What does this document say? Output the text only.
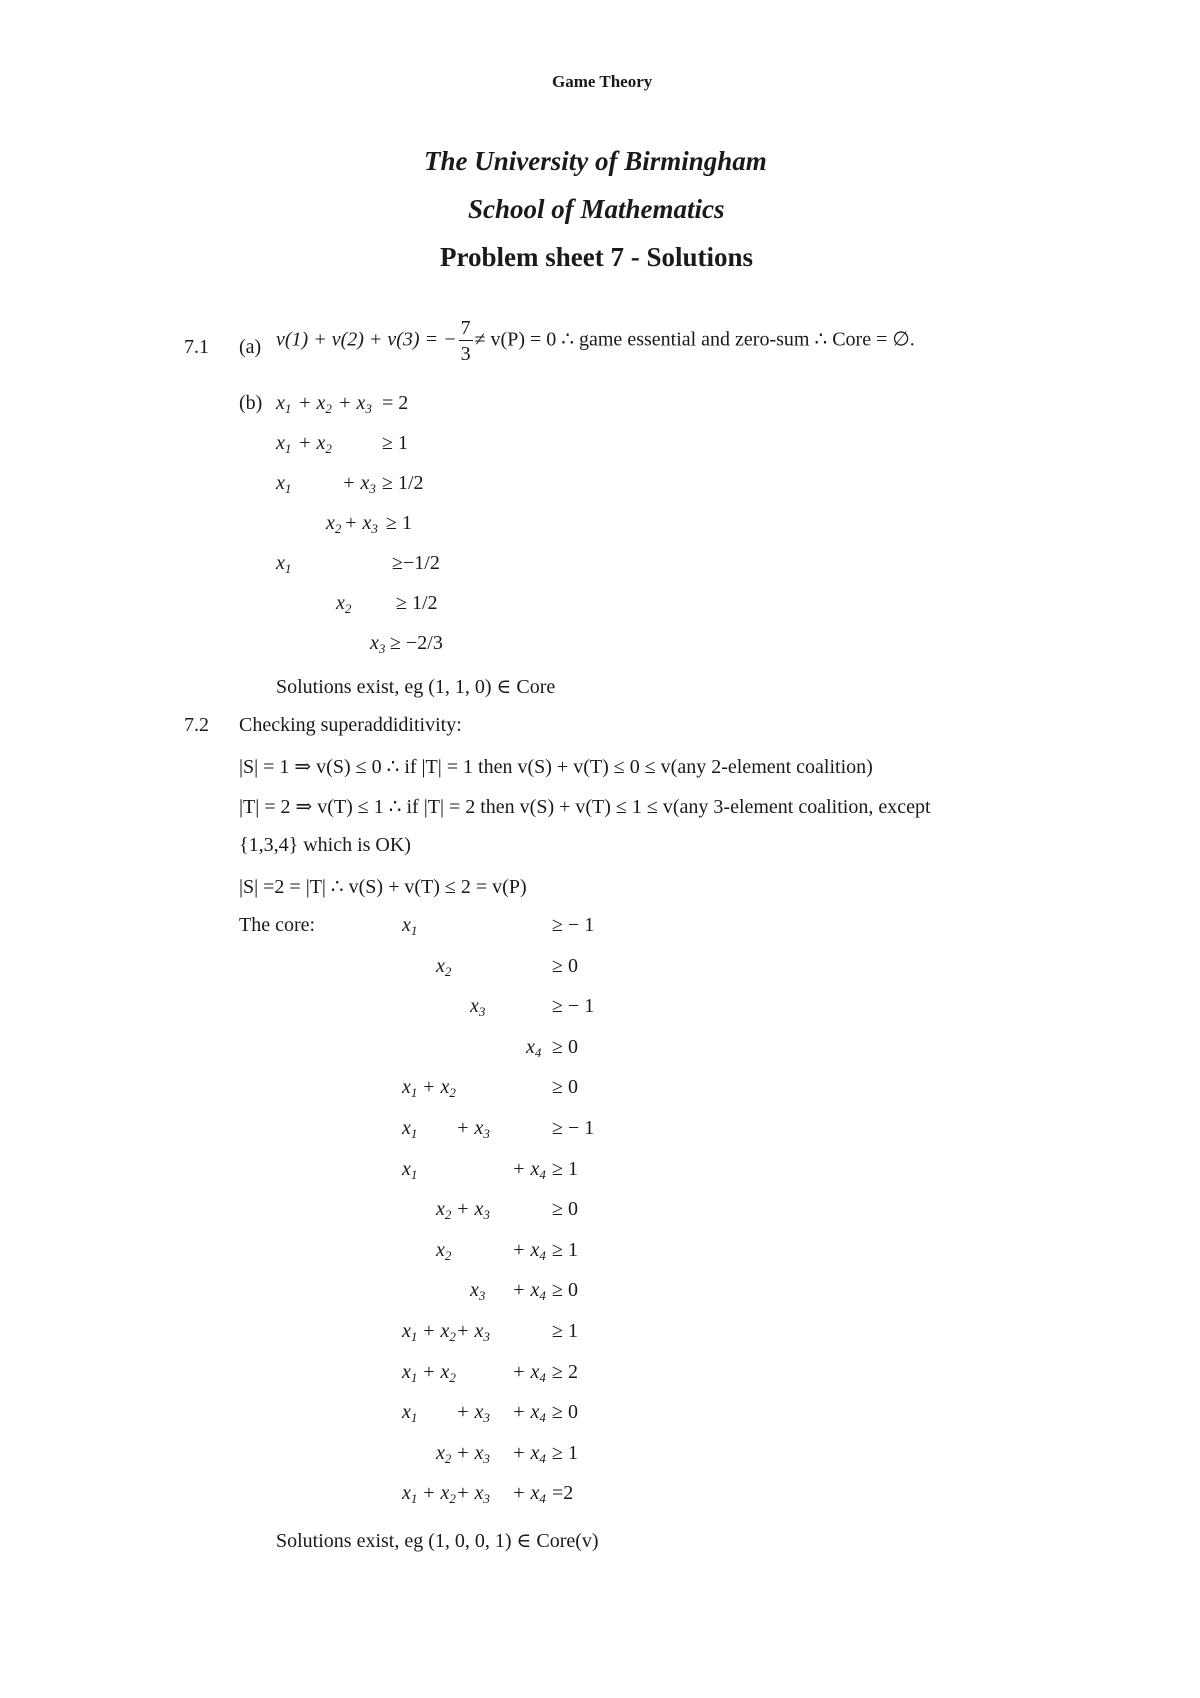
Game Theory
The University of Birmingham
School of Mathematics
Problem sheet 7 - Solutions
7.1 (a) v(1) + v(2) + v(3) = − $\frac{7}{3} \ne v(P) = 0$ ∴ game essential and zero-sum ∴ Core = ∅.
(b) $x_1 + x_2 + x_3 = 2$
$x_1 + x_2$	≥ 1
$x_1$	+ $x_3 \ge 1/2$
$x_2 + x_3 \ge 1$
$x_1$	≥−1/2
$x_2 \ge 1/2$
$x_3 \ge -2/3$
Solutions exist, eg (1, 1, 0) ∈ Core
7.2 Checking superaddiditivity:
|S| = 1 ⇒ v(S) ≤ 0 ∴ if |T| = 1 then v(S) + v(T) ≤ 0 ≤ v(any 2-element coalition)
|T| = 2 ⇒ v(T) ≤ 1 ∴ if |T| = 2 then v(S) + v(T) ≤ 1 ≤ v(any 3-element coalition, except
{1,3,4} which is OK)
|S| =2 = |T| ∴ v(S) + v(T) ≤ 2 = v(P)
The core:	$x_1$	≥ − 1
$x_2$	≥ 0
$x_3$	≥ − 1
$x_4 \ge 0$
$x_1 + x_2$	≥ 0
$x_1 + x_3$	≥ − 1
$x_1$	+ $x_4 \ge 1$
$x_2 + x_3$	≥ 0
$x_2$	+ $x_4 \ge 1$
$x_3 + x_4 \ge 0$
$x_1 + x_2 + x_3$	≥ 1
$x_1 + x_2$	+ $x_4 \ge 2$
$x_1 + x_3 + x_4 \ge 0$
$x_2 + x_3 + x_4 \ge 1$
$x_1 + x_2 + x_3 + x_4 =2$
Solutions exist, eg (1, 0, 0, 1) ∈ Core(v)
